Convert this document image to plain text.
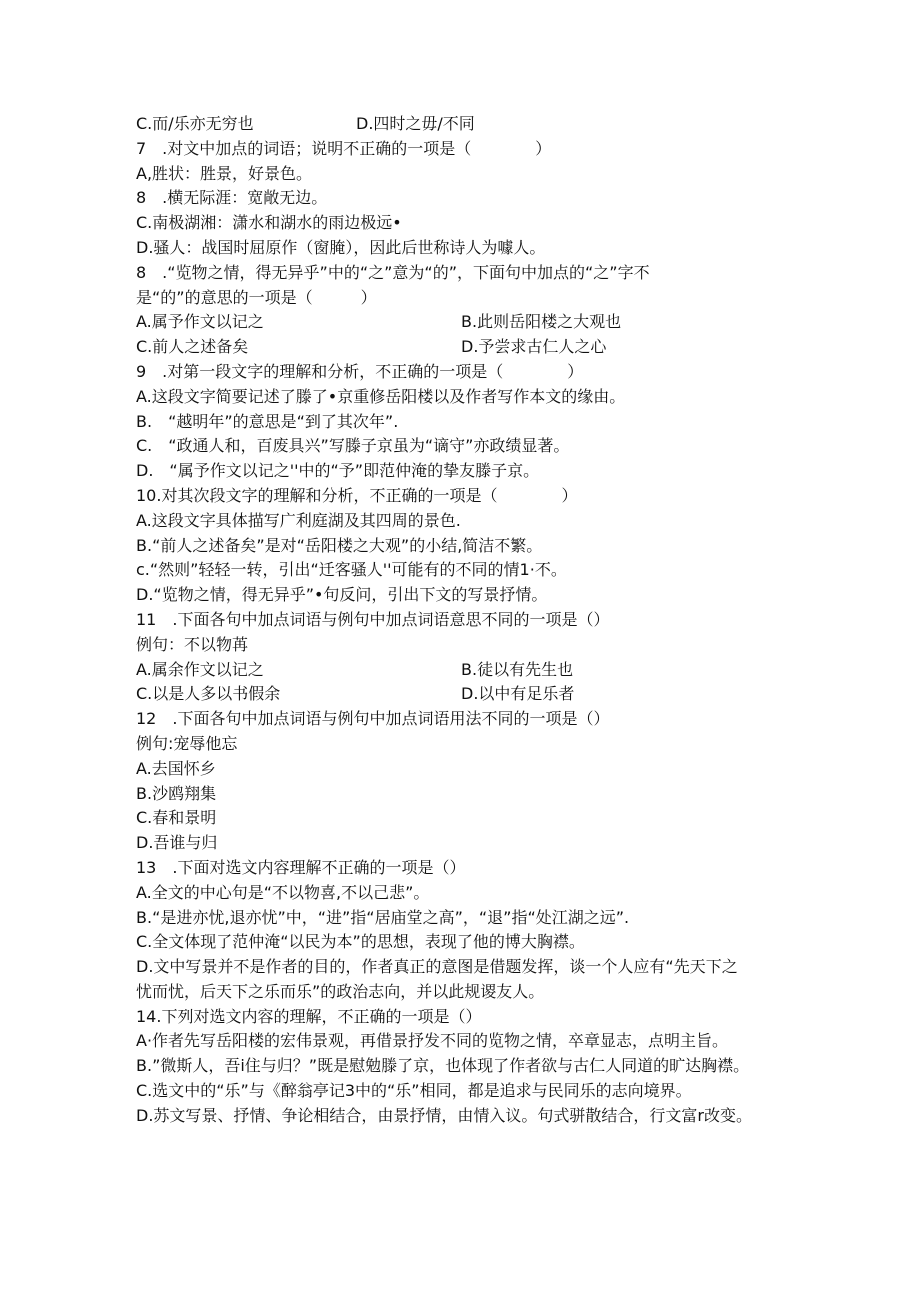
C.而/乐亦无穷也	D.四时之毋/不同
7　.对文中加点的词语；说明不正确的一项是（　　　　）
A,胜状：胜景，好景色。
8　.横无际涯：宽敞无边。
C.南极湖湘：潇水和湖水的雨边极远•
D.骚人：战国时屈原作（窗腌），因此后世称诗人为噱人。
8　.“览物之情，得无异乎”中的“之”意为“的”，下面句中加点的“之”字不
是“的”的意思的一项是（　　　）
A.属予作文以记之	B.此则岳阳楼之大观也
C.前人之述备矣	D.予尝求古仁人之心
9　.对第一段文字的理解和分析，不正确的一项是（　　　　）
A.这段文字简要记述了滕了•京重修岳阳楼以及作者写作本文的缘由。
B.　“越明年”的意思是“到了其次年”.
C.　“政通人和，百废具兴”写滕子京虽为“谪守”亦政绩显著。
D.　“属予作文以记之''中的“予”即范仲淹的挚友滕子京。
10.对其次段文字的理解和分析，不正确的一项是（　　　　）
A.这段文字具体描写广利庭湖及其四周的景色.
B.“前人之述备矣”是对“岳阳楼之大观”的小结,简洁不繁。
c.“然则”轻轻一转，引出“迁客骚人''可能有的不同的情1·不。
D.“览物之情，得无异乎”•句反问，引出下文的写景抒情。
11　.下面各句中加点词语与例句中加点词语意思不同的一项是（）
例句：不以物苒
A.属余作文以记之	B.徒以有先生也
C.以是人多以书假余	D.以中有足乐者
12　.下面各句中加点词语与例句中加点词语用法不同的一项是（）
例句:宠辱他忘
A.去国怀乡
B.沙鸥翔集
C.春和景明
D.吾谁与归
13　.下面对选文内容理解不正确的一项是（）
A.全文的中心句是“不以物喜,不以己悲”。
B.“是进亦忧,退亦忧”中，“进”指“居庙堂之高”，“退”指“处江湖之远”.
C.全文体现了范仲淹“以民为本”的思想，表现了他的博大胸襟。
D.文中写景并不是作者的目的，作者真正的意图是借题发挥，谈一个人应有“先天下之
忧而忧，后天下之乐而乐”的政治志向，并以此规谡友人。
14.下列对选文内容的理解，不正确的一项是（）
A·作者先写岳阳楼的宏伟景观，再借景抒发不同的览物之情，卒章显志，点明主旨。
B.”微斯人，吾i住与归？”既是慰勉滕了京，也体现了作者欲与古仁人同道的旷达胸襟。
C.选文中的“乐”与《醉翁亭记3中的“乐”相同，都是追求与民同乐的志向境界。
D.苏文写景、抒情、争论相结合，由景抒情，由情入议。句式骈散结合，行文富r改变。
